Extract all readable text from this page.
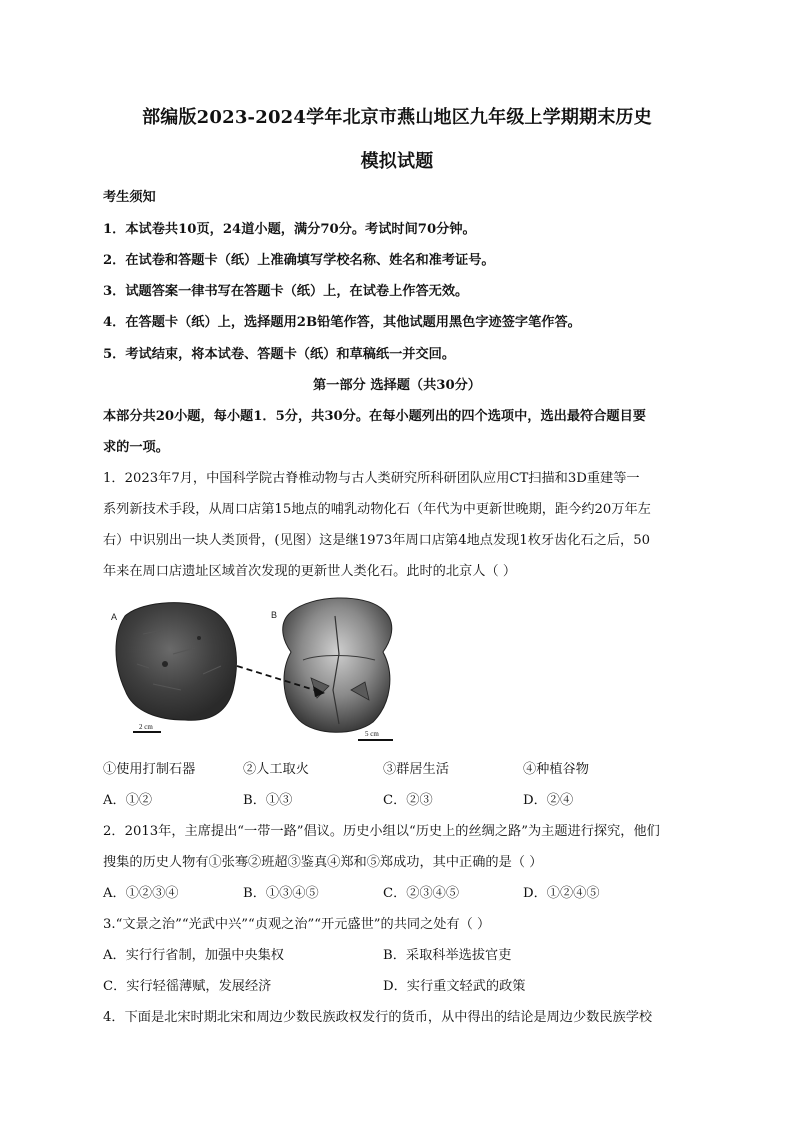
部编版2023-2024学年北京市燕山地区九年级上学期期末历史
模拟试题
考生须知
1．本试卷共10页，24道小题，满分70分。考试时间70分钟。
2．在试卷和答题卡（纸）上准确填写学校名称、姓名和准考证号。
3．试题答案一律书写在答题卡（纸）上，在试卷上作答无效。
4．在答题卡（纸）上，选择题用2B铅笔作答，其他试题用黑色字迹签字笔作答。
5．考试结束，将本试卷、答题卡（纸）和草稿纸一并交回。
第一部分 选择题（共30分）
本部分共20小题，每小题1．5分，共30分。在每小题列出的四个选项中，选出最符合题目要
求的一项。
1．2023年7月，中国科学院古脊椎动物与古人类研究所科研团队应用CT扫描和3D重建等一
系列新技术手段，从周口店第15地点的哺乳动物化石（年代为中更新世晚期，距今约20万年左
右）中识别出一块人类顶骨，(见图）这是继1973年周口店第4地点发现1枚牙齿化石之后，50
年来在周口店遗址区域首次发现的更新世人类化石。此时的北京人（ ）
A	B
2 cm
5 cm
①使用打制石器	②人工取火	③群居生活	④种植谷物
A．①②	B．①③	C．②③	D．②④
2．2013年，主席提出“一带一路”倡议。历史小组以“历史上的丝绸之路”为主题进行探究，他们
搜集的历史人物有①张骞②班超③鉴真④郑和⑤郑成功，其中正确的是（ ）
A．①②③④	B．①③④⑤	C．②③④⑤	D．①②④⑤
3.“文景之治”“光武中兴”“贞观之治”“开元盛世”的共同之处有（ ）
A．实行行省制，加强中央集权	B．采取科举选拔官吏
C．实行轻徭薄赋，发展经济	D．实行重文轻武的政策
4．下面是北宋时期北宋和周边少数民族政权发行的货币，从中得出的结论是周边少数民族学校
